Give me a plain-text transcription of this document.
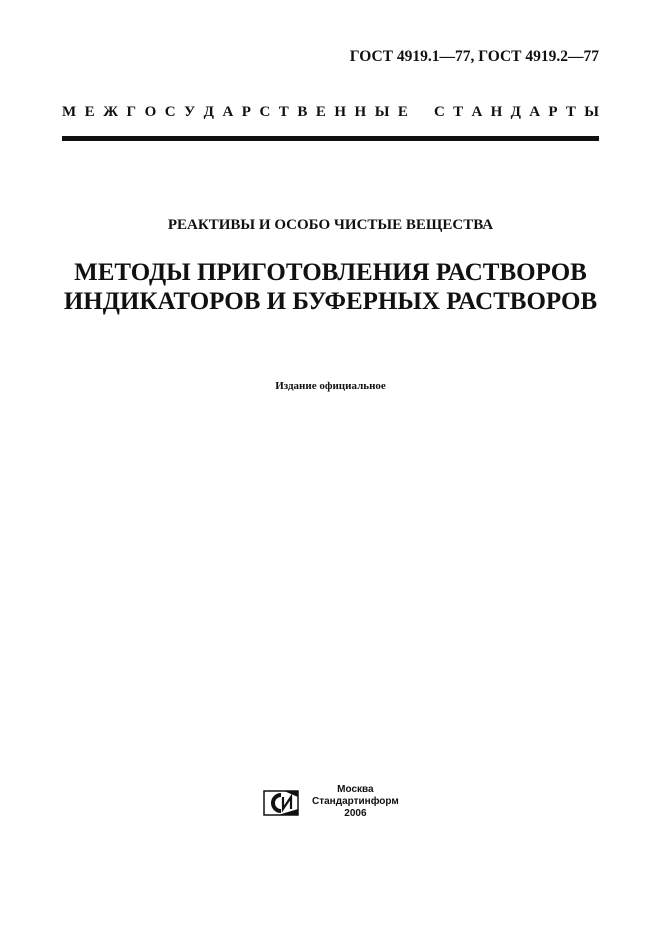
ГОСТ 4919.1—77, ГОСТ 4919.2—77
М Е Ж Г О С У Д А Р С Т В Е Н Н Ы Е С Т А Н Д А Р Т Ы
РЕАКТИВЫ И ОСОБО ЧИСТЫЕ ВЕЩЕСТВА
МЕТОДЫ ПРИГОТОВЛЕНИЯ РАСТВОРОВ
ИНДИКАТОРОВ И БУФЕРНЫХ РАСТВОРОВ
Издание официальное
Москва
Стандартинформ
2006
